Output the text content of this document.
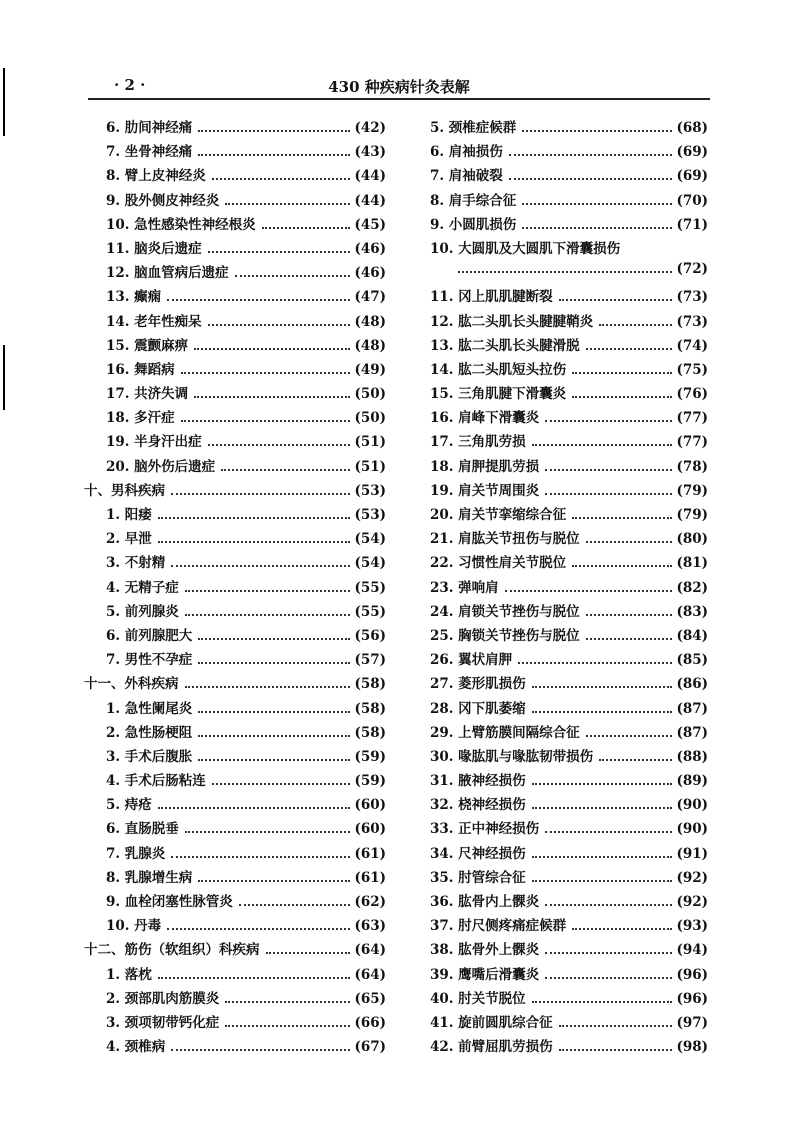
· 2 ·	430 种疾病针灸表解
6. 肋间神经痛	(42)
7. 坐骨神经痛	(43)
8. 臂上皮神经炎	(44)
9. 股外侧皮神经炎	(44)
10. 急性感染性神经根炎	(45)
11. 脑炎后遗症	(46)
12. 脑血管病后遗症	(46)
13. 癫痫	(47)
14. 老年性痴呆	(48)
15. 震颤麻痹	(48)
16. 舞蹈病	(49)
17. 共济失调	(50)
18. 多汗症	(50)
19. 半身汗出症	(51)
20. 脑外伤后遗症	(51)
十、男科疾病	(53)
1. 阳痿	(53)
2. 早泄	(54)
3. 不射精	(54)
4. 无精子症	(55)
5. 前列腺炎	(55)
6. 前列腺肥大	(56)
7. 男性不孕症	(57)
十一、外科疾病	(58)
1. 急性阑尾炎	(58)
2. 急性肠梗阻	(58)
3. 手术后腹胀	(59)
4. 手术后肠粘连	(59)
5. 痔疮	(60)
6. 直肠脱垂	(60)
7. 乳腺炎	(61)
8. 乳腺增生病	(61)
9. 血栓闭塞性脉管炎	(62)
10. 丹毒	(63)
十二、筋伤（软组织）科疾病	(64)
1. 落枕	(64)
2. 颈部肌肉筋膜炎	(65)
3. 颈项韧带钙化症	(66)
4. 颈椎病	(67)
5. 颈椎症候群	(68)
6. 肩袖损伤	(69)
7. 肩袖破裂	(69)
8. 肩手综合征	(70)
9. 小圆肌损伤	(71)
10. 大圆肌及大圆肌下滑囊损伤
(72)
11. 冈上肌肌腱断裂	(73)
12. 肱二头肌长头腱腱鞘炎	(73)
13. 肱二头肌长头腱滑脱	(74)
14. 肱二头肌短头拉伤	(75)
15. 三角肌腱下滑囊炎	(76)
16. 肩峰下滑囊炎	(77)
17. 三角肌劳损	(77)
18. 肩胛提肌劳损	(78)
19. 肩关节周围炎	(79)
20. 肩关节挛缩综合征	(79)
21. 肩肱关节扭伤与脱位	(80)
22. 习惯性肩关节脱位	(81)
23. 弹响肩	(82)
24. 肩锁关节挫伤与脱位	(83)
25. 胸锁关节挫伤与脱位	(84)
26. 翼状肩胛	(85)
27. 菱形肌损伤	(86)
28. 冈下肌萎缩	(87)
29. 上臂筋膜间隔综合征	(87)
30. 喙肱肌与喙肱韧带损伤	(88)
31. 腋神经损伤	(89)
32. 桡神经损伤	(90)
33. 正中神经损伤	(90)
34. 尺神经损伤	(91)
35. 肘管综合征	(92)
36. 肱骨内上髁炎	(92)
37. 肘尺侧疼痛症候群	(93)
38. 肱骨外上髁炎	(94)
39. 鹰嘴后滑囊炎	(96)
40. 肘关节脱位	(96)
41. 旋前圆肌综合征	(97)
42. 前臂屈肌劳损伤	(98)
